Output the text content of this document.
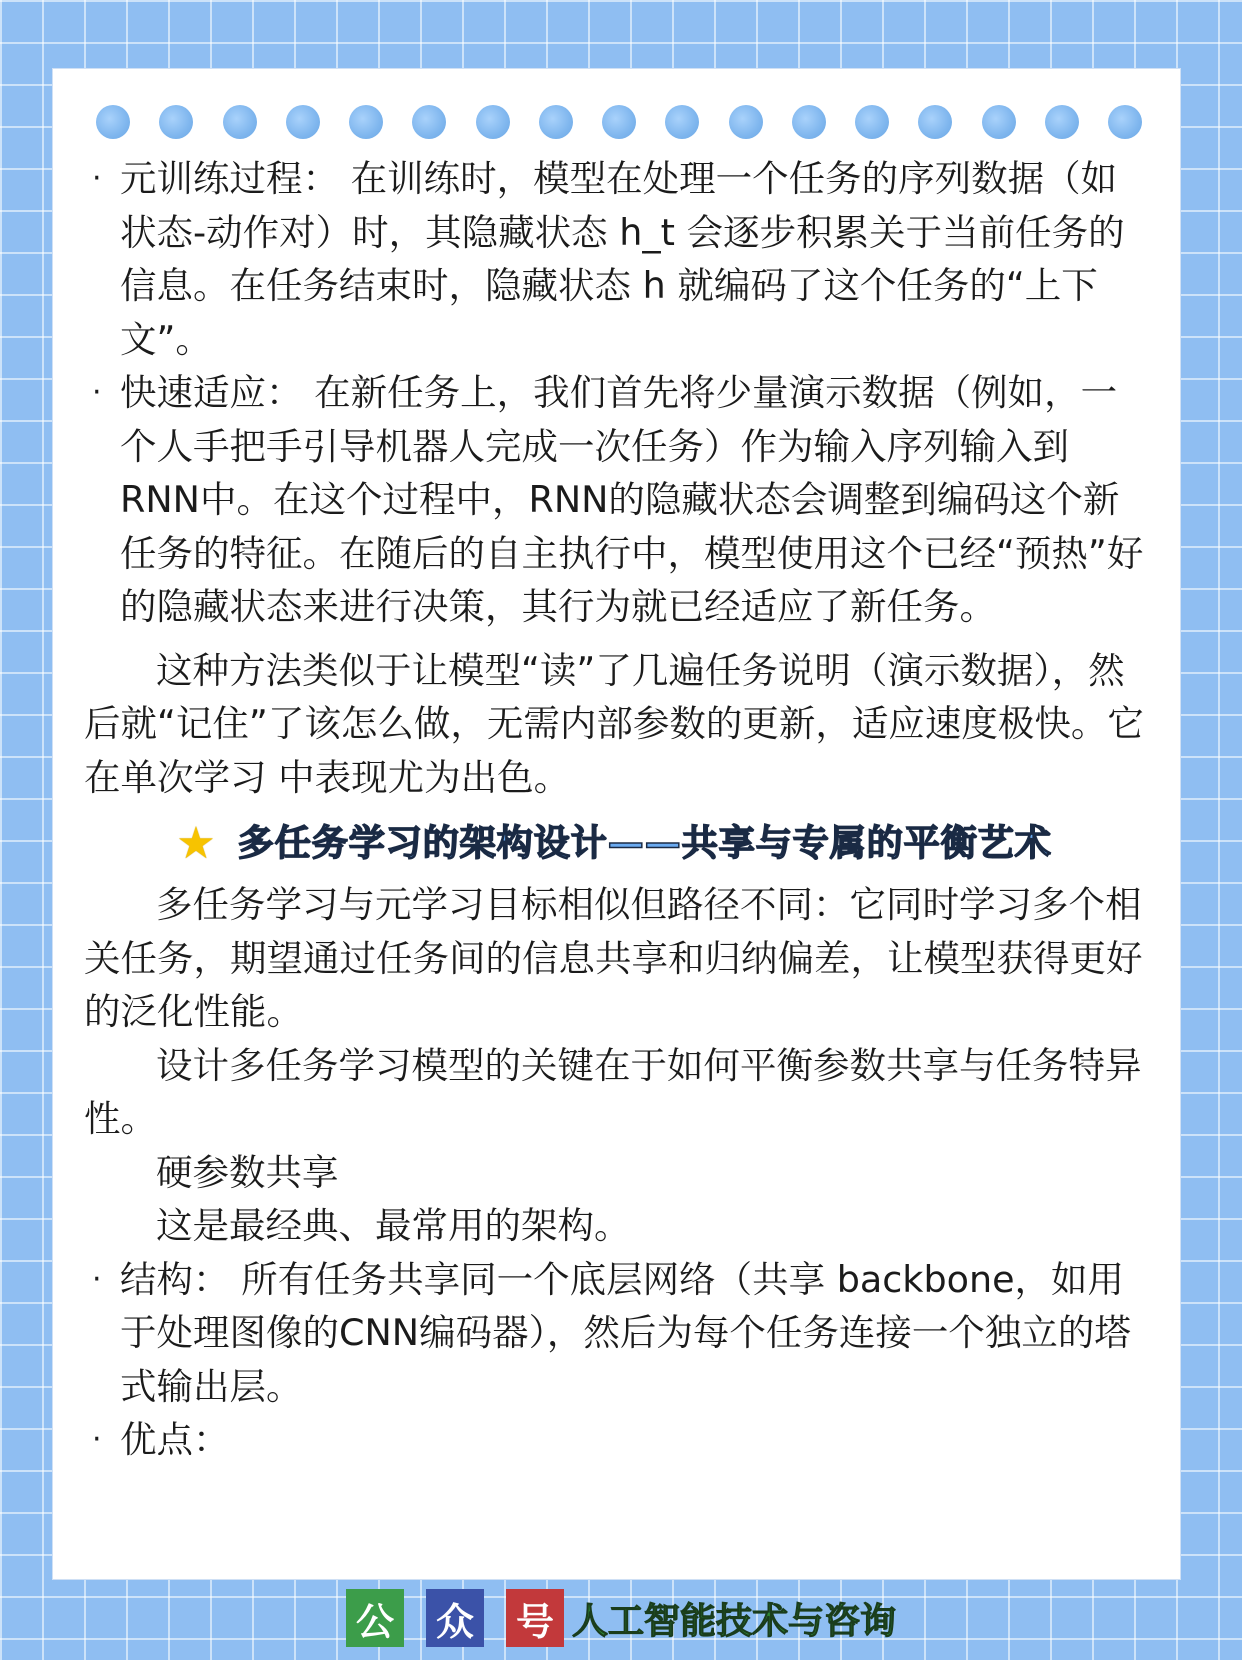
· 元训练过程： 在训练时，模型在处理一个任务的序列数据（如状态-动作对）时，其隐藏状态 h_t 会逐步积累关于当前任务的信息。在任务结束时，隐藏状态 h 就编码了这个任务的“上下文”。
· 快速适应： 在新任务上，我们首先将少量演示数据（例如，一个人手把手引导机器人完成一次任务）作为输入序列输入到RNN中。在这个过程中，RNN的隐藏状态会调整到编码这个新任务的特征。在随后的自主执行中，模型使用这个已经“预热”好的隐藏状态来进行决策，其行为就已经适应了新任务。
这种方法类似于让模型“读”了几遍任务说明（演示数据），然后就“记住”了该怎么做，无需内部参数的更新，适应速度极快。它在单次学习 中表现尤为出色。
★ 多任务学习的架构设计——共享与专属的平衡艺术
多任务学习与元学习目标相似但路径不同：它同时学习多个相关任务，期望通过任务间的信息共享和归纳偏差，让模型获得更好的泛化性能。
设计多任务学习模型的关键在于如何平衡参数共享与任务特异性。
硬参数共享
这是最经典、最常用的架构。
· 结构： 所有任务共享同一个底层网络（共享 backbone，如用于处理图像的CNN编码器），然后为每个任务连接一个独立的塔式输出层。
· 优点：
公 众 号 人工智能技术与咨询
